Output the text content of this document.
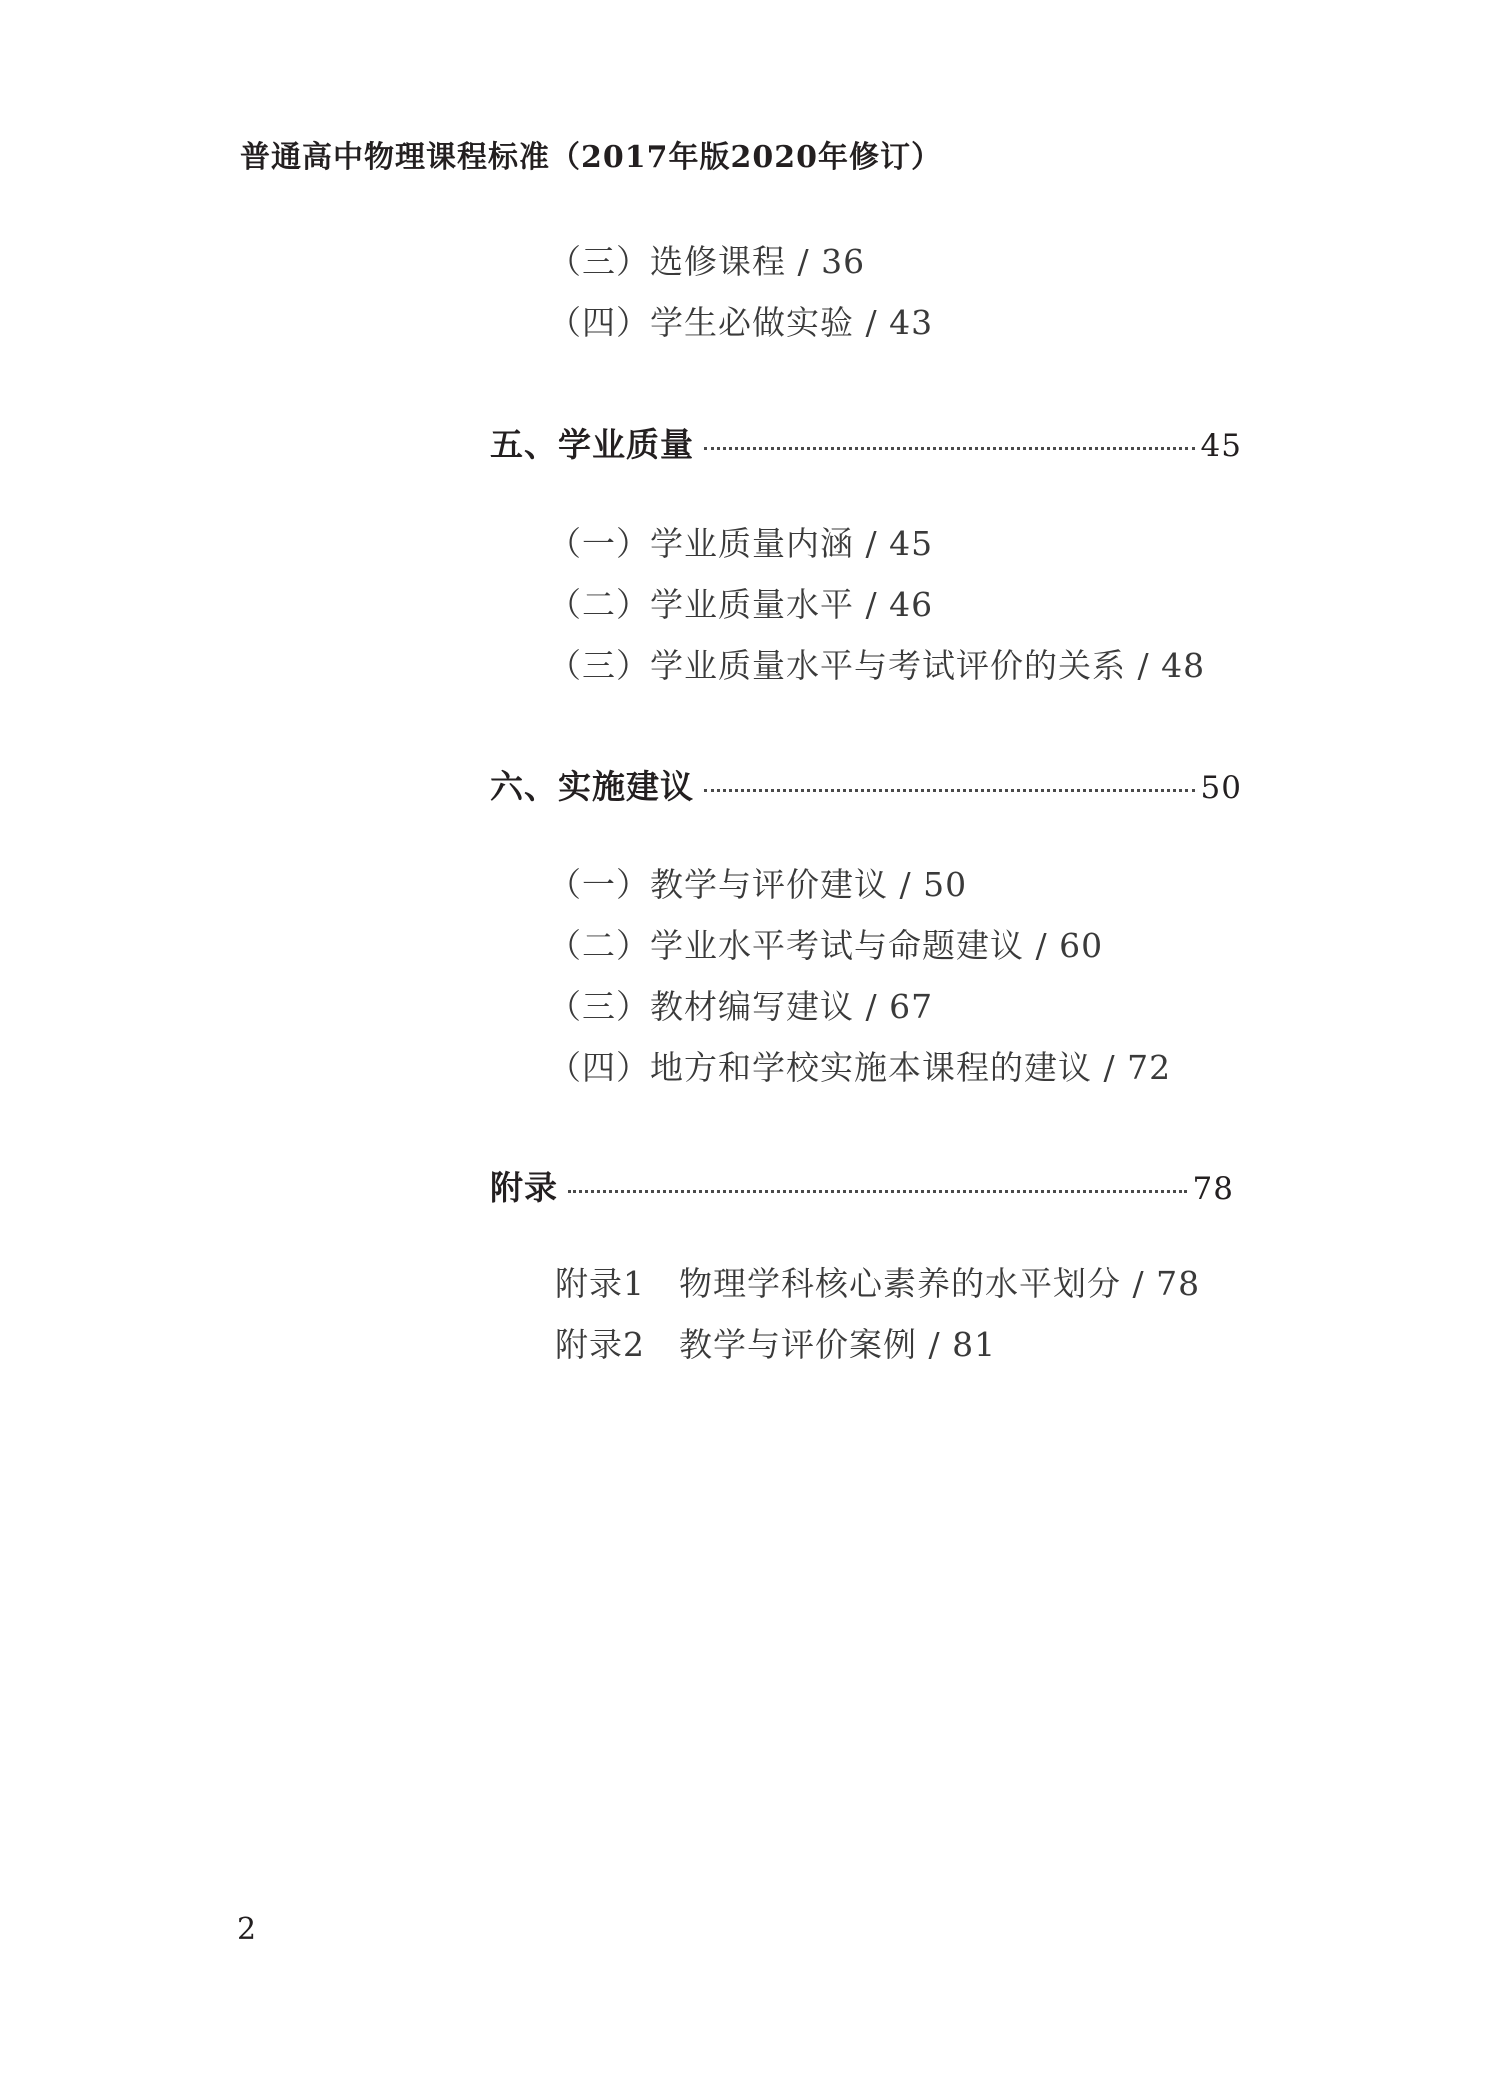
普通高中物理课程标准（2017年版2020年修订）
（三）选修课程 / 36
（四）学生必做实验 / 43
五、学业质量	45
（一）学业质量内涵 / 45
（二）学业质量水平 / 46
（三）学业质量水平与考试评价的关系 / 48
六、实施建议	50
（一）教学与评价建议 / 50
（二）学业水平考试与命题建议 / 60
（三）教材编写建议 / 67
（四）地方和学校实施本课程的建议 / 72
附录	78
附录1 物理学科核心素养的水平划分 / 78
附录2 教学与评价案例 / 81
2
